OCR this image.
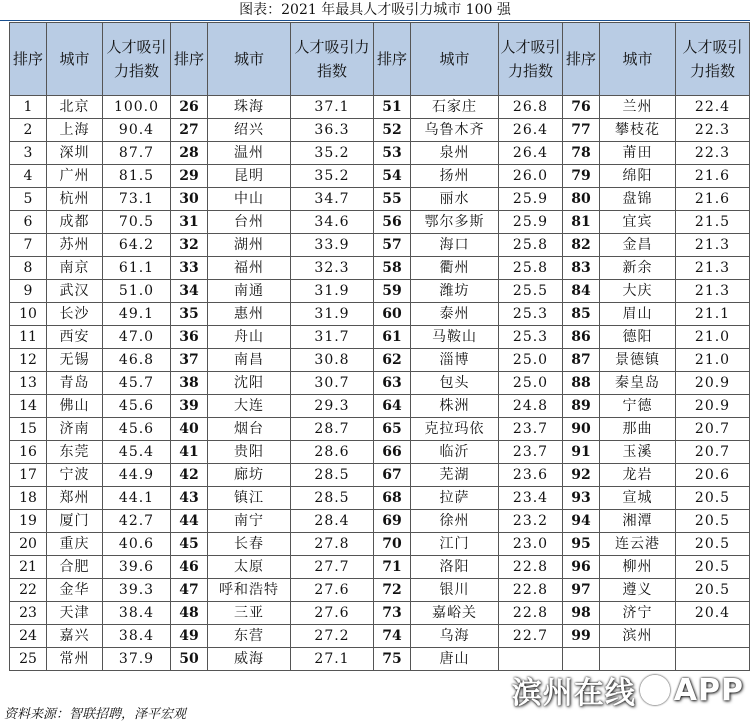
图表：2021 年最具人才吸引力城市 100 强
排序	城市	人才吸引力指数	排序	城市	人才吸引力指数	排序	城市	人才吸引力指数	排序	城市	人才吸引力指数
1	北京	100.0	26	珠海	37.1	51	石家庄	26.8	76	兰州	22.4
2	上海	90.4	27	绍兴	36.3	52	乌鲁木齐	26.4	77	攀枝花	22.3
3	深圳	87.7	28	温州	35.2	53	泉州	26.4	78	莆田	22.3
4	广州	81.5	29	昆明	35.2	54	扬州	26.0	79	绵阳	21.6
5	杭州	73.1	30	中山	34.7	55	丽水	25.9	80	盘锦	21.6
6	成都	70.5	31	台州	34.6	56	鄂尔多斯	25.9	81	宜宾	21.5
7	苏州	64.2	32	湖州	33.9	57	海口	25.8	82	金昌	21.3
8	南京	61.1	33	福州	32.3	58	衢州	25.8	83	新余	21.3
9	武汉	51.0	34	南通	31.9	59	潍坊	25.5	84	大庆	21.3
10	长沙	49.1	35	惠州	31.9	60	泰州	25.3	85	眉山	21.1
11	西安	47.0	36	舟山	31.7	61	马鞍山	25.3	86	德阳	21.0
12	无锡	46.8	37	南昌	30.8	62	淄博	25.0	87	景德镇	21.0
13	青岛	45.7	38	沈阳	30.7	63	包头	25.0	88	秦皇岛	20.9
14	佛山	45.6	39	大连	29.3	64	株洲	24.8	89	宁德	20.9
15	济南	45.6	40	烟台	28.7	65	克拉玛依	23.7	90	那曲	20.7
16	东莞	45.4	41	贵阳	28.6	66	临沂	23.7	91	玉溪	20.7
17	宁波	44.9	42	廊坊	28.5	67	芜湖	23.6	92	龙岩	20.6
18	郑州	44.1	43	镇江	28.5	68	拉萨	23.4	93	宣城	20.5
19	厦门	42.7	44	南宁	28.4	69	徐州	23.2	94	湘潭	20.5
20	重庆	40.6	45	长春	27.8	70	江门	23.0	95	连云港	20.5
21	合肥	39.6	46	太原	27.7	71	洛阳	22.8	96	柳州	20.5
22	金华	39.3	47	呼和浩特	27.6	72	银川	22.8	97	遵义	20.5
23	天津	38.4	48	三亚	27.6	73	嘉峪关	22.8	98	济宁	20.4
24	嘉兴	38.4	49	东营	27.2	74	乌海	22.7	99	滨州	
25	常州	37.9	50	威海	27.1	75	唐山				
资料来源：智联招聘，泽平宏观
滨州在线 APP
